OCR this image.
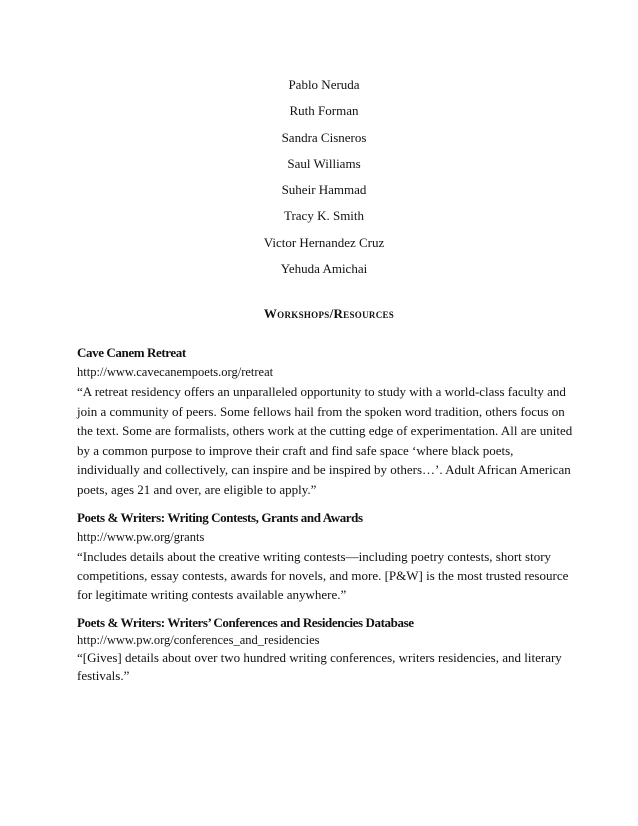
Pablo Neruda
Ruth Forman
Sandra Cisneros
Saul Williams
Suheir Hammad
Tracy K. Smith
Victor Hernandez Cruz
Yehuda Amichai
Workshops/Resources
Cave Canem Retreat
http://www.cavecanempoets.org/retreat

“A retreat residency offers an unparalleled opportunity to study with a world-class faculty and join a community of peers. Some fellows hail from the spoken word tradition, others focus on the text. Some are formalists, others work at the cutting edge of experimentation. All are united by a common purpose to improve their craft and find safe space ‘where black poets, individually and collectively, can inspire and be inspired by others…’. Adult African American poets, ages 21 and over, are eligible to apply.”

Poets & Writers: Writing Contests, Grants and Awards
http://www.pw.org/grants

“Includes details about the creative writing contests—including poetry contests, short story competitions, essay contests, awards for novels, and more. [P&W] is the most trusted resource for legitimate writing contests available anywhere.”

Poets & Writers: Writers’ Conferences and Residencies Database
http://www.pw.org/conferences_and_residencies

“[Gives] details about over two hundred writing conferences, writers residencies, and literary festivals.”
